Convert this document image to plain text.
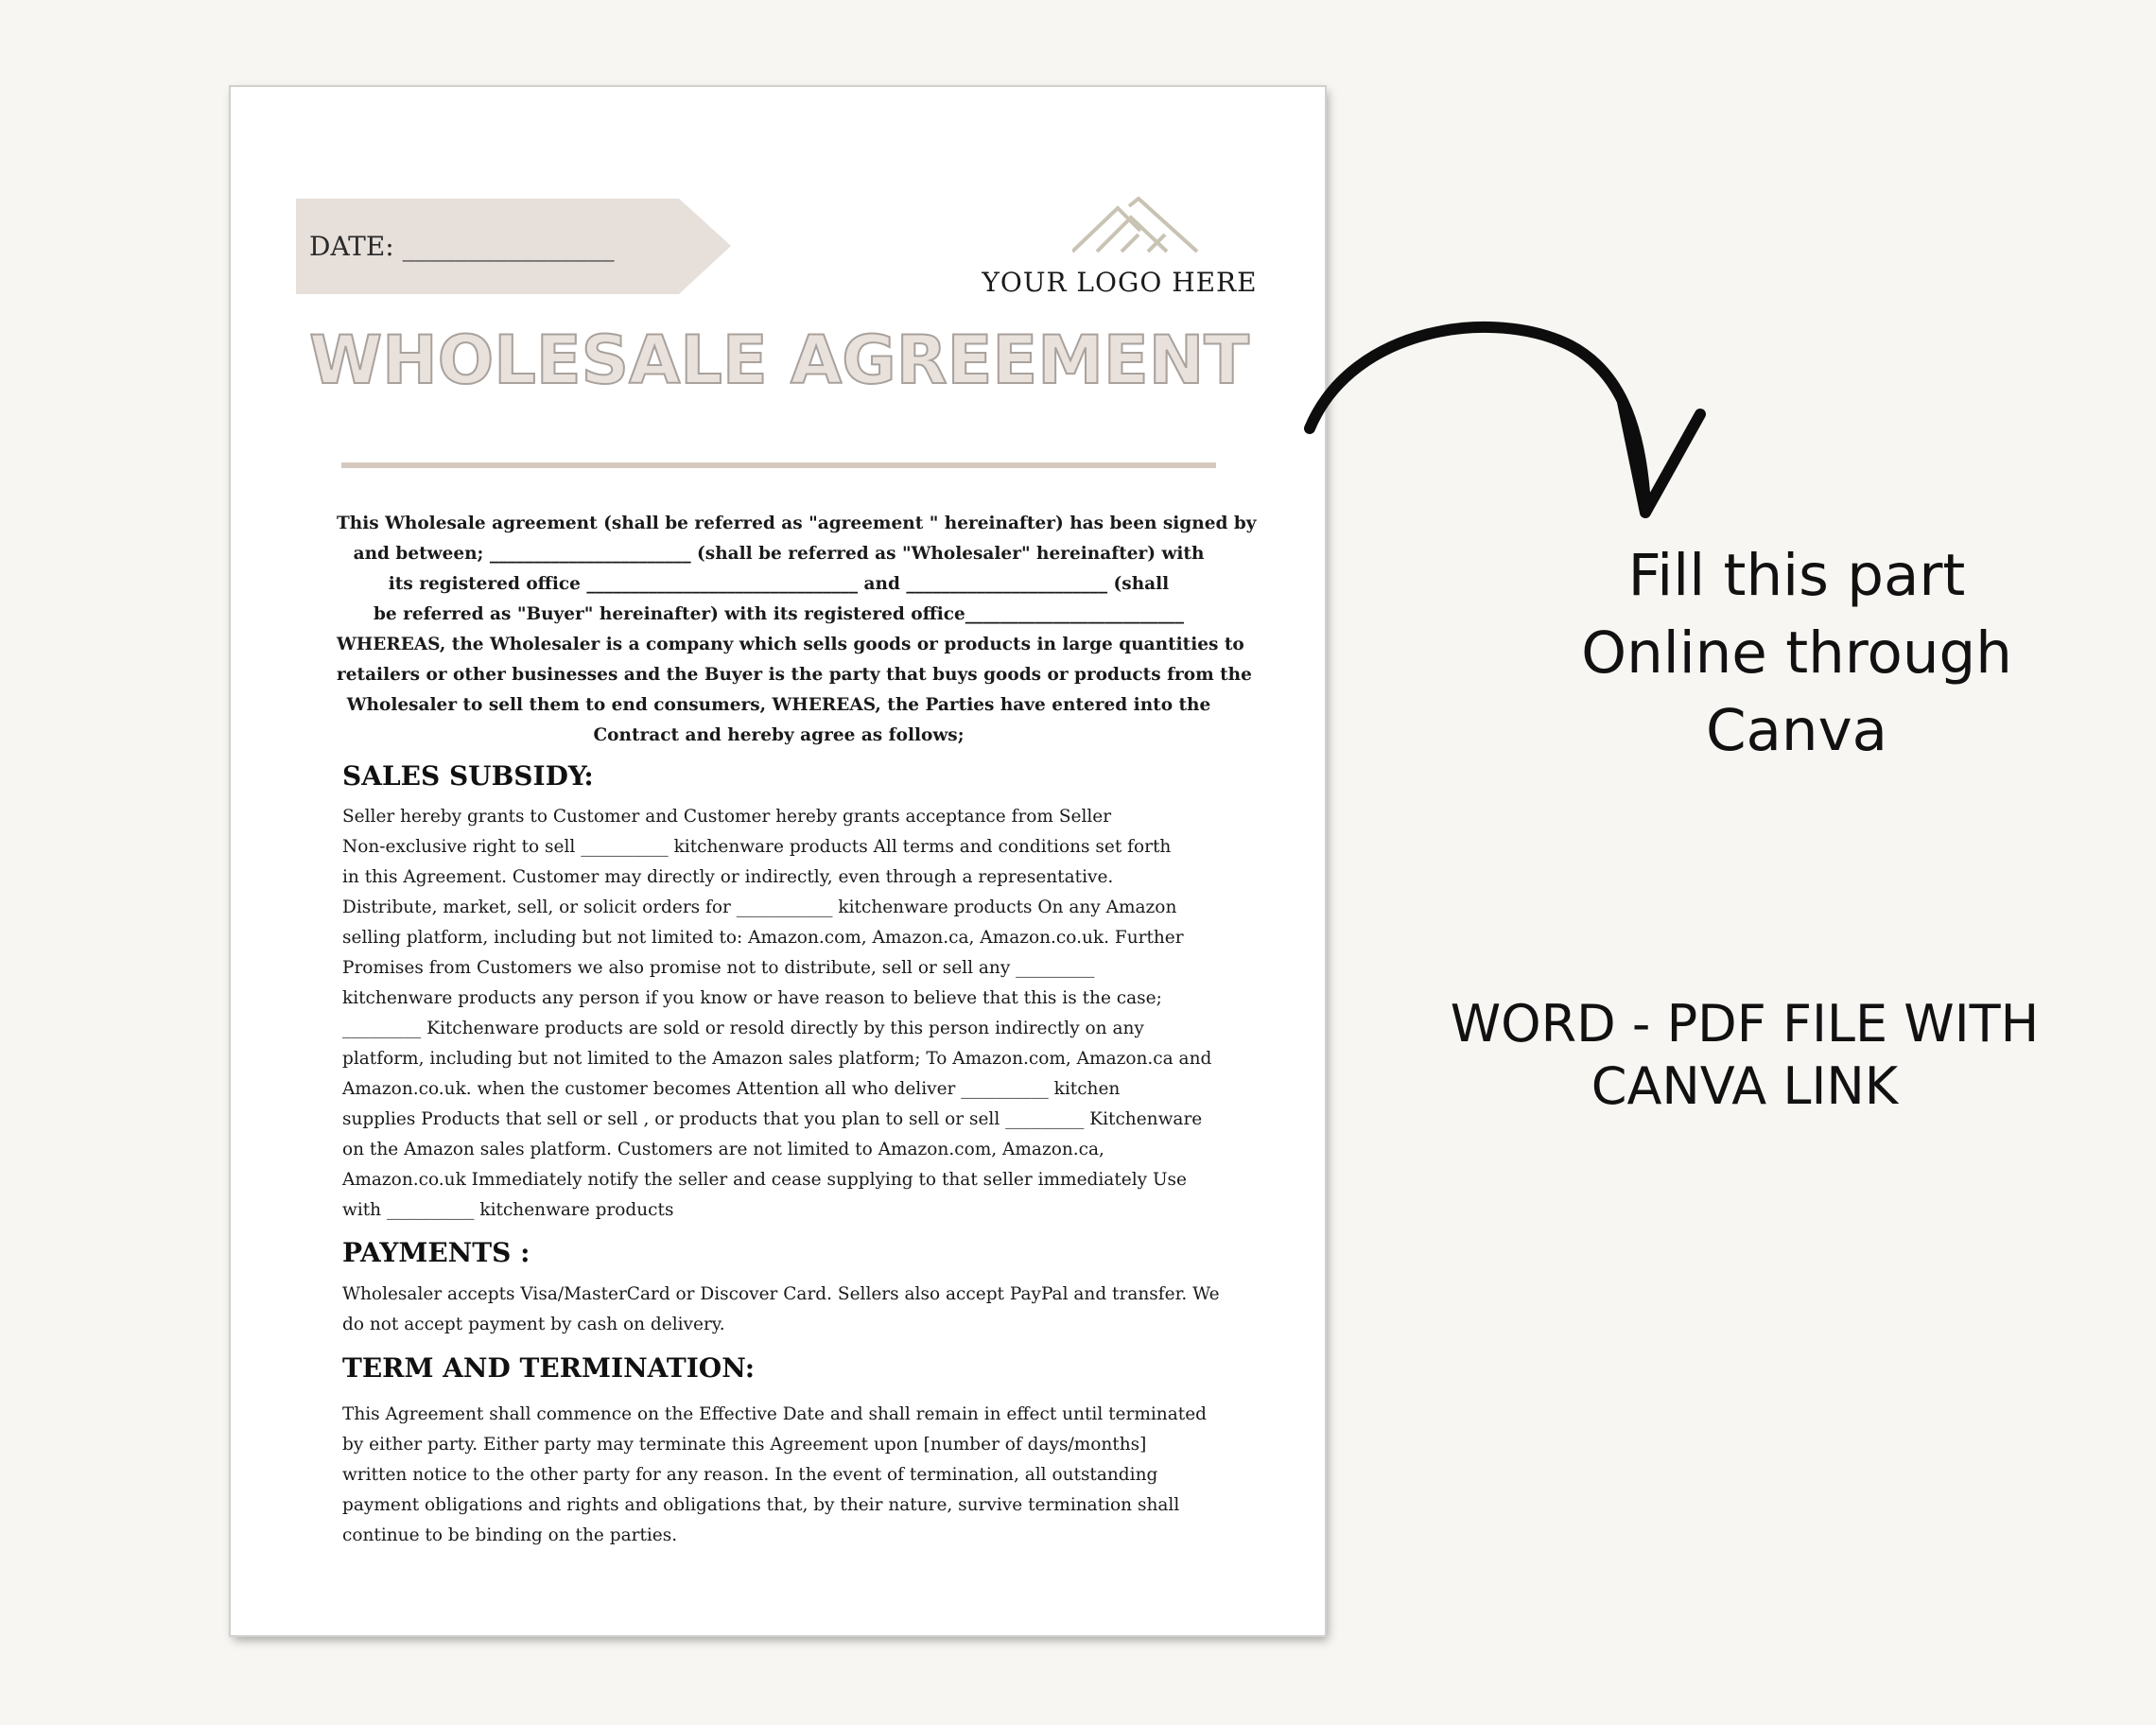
DATE: ________________
YOUR LOGO HERE
WHOLESALE AGREEMENT
This Wholesale agreement (shall be referred as "agreement " hereinafter) has been signed by
and between; _______________________ (shall be referred as "Wholesaler" hereinafter) with
its registered office _______________________________ and _______________________ (shall
be referred as "Buyer" hereinafter) with its registered office_________________________
WHEREAS, the Wholesaler is a company which sells goods or products in large quantities to
retailers or other businesses and the Buyer is the party that buys goods or products from the
Wholesaler to sell them to end consumers, WHEREAS, the Parties have entered into the
Contract and hereby agree as follows;
SALES SUBSIDY:
Seller hereby grants to Customer and Customer hereby grants acceptance from Seller
Non-exclusive right to sell __________ kitchenware products All terms and conditions set forth
in this Agreement. Customer may directly or indirectly, even through a representative.
Distribute, market, sell, or solicit orders for ___________ kitchenware products On any Amazon
selling platform, including but not limited to: Amazon.com, Amazon.ca, Amazon.co.uk. Further
Promises from Customers we also promise not to distribute, sell or sell any _________
kitchenware products any person if you know or have reason to believe that this is the case;
_________ Kitchenware products are sold or resold directly by this person indirectly on any
platform, including but not limited to the Amazon sales platform; To Amazon.com, Amazon.ca and
Amazon.co.uk. when the customer becomes Attention all who deliver __________ kitchen
supplies Products that sell or sell , or products that you plan to sell or sell _________ Kitchenware
on the Amazon sales platform. Customers are not limited to Amazon.com, Amazon.ca,
Amazon.co.uk Immediately notify the seller and cease supplying to that seller immediately Use
with __________ kitchenware products
PAYMENTS :
Wholesaler accepts Visa/MasterCard or Discover Card. Sellers also accept PayPal and transfer. We
do not accept payment by cash on delivery.
TERM AND TERMINATION:
This Agreement shall commence on the Effective Date and shall remain in effect until terminated
by either party. Either party may terminate this Agreement upon [number of days/months]
written notice to the other party for any reason. In the event of termination, all outstanding
payment obligations and rights and obligations that, by their nature, survive termination shall
continue to be binding on the parties.
Fill this part
Online through
Canva
WORD - PDF FILE WITH
CANVA LINK
